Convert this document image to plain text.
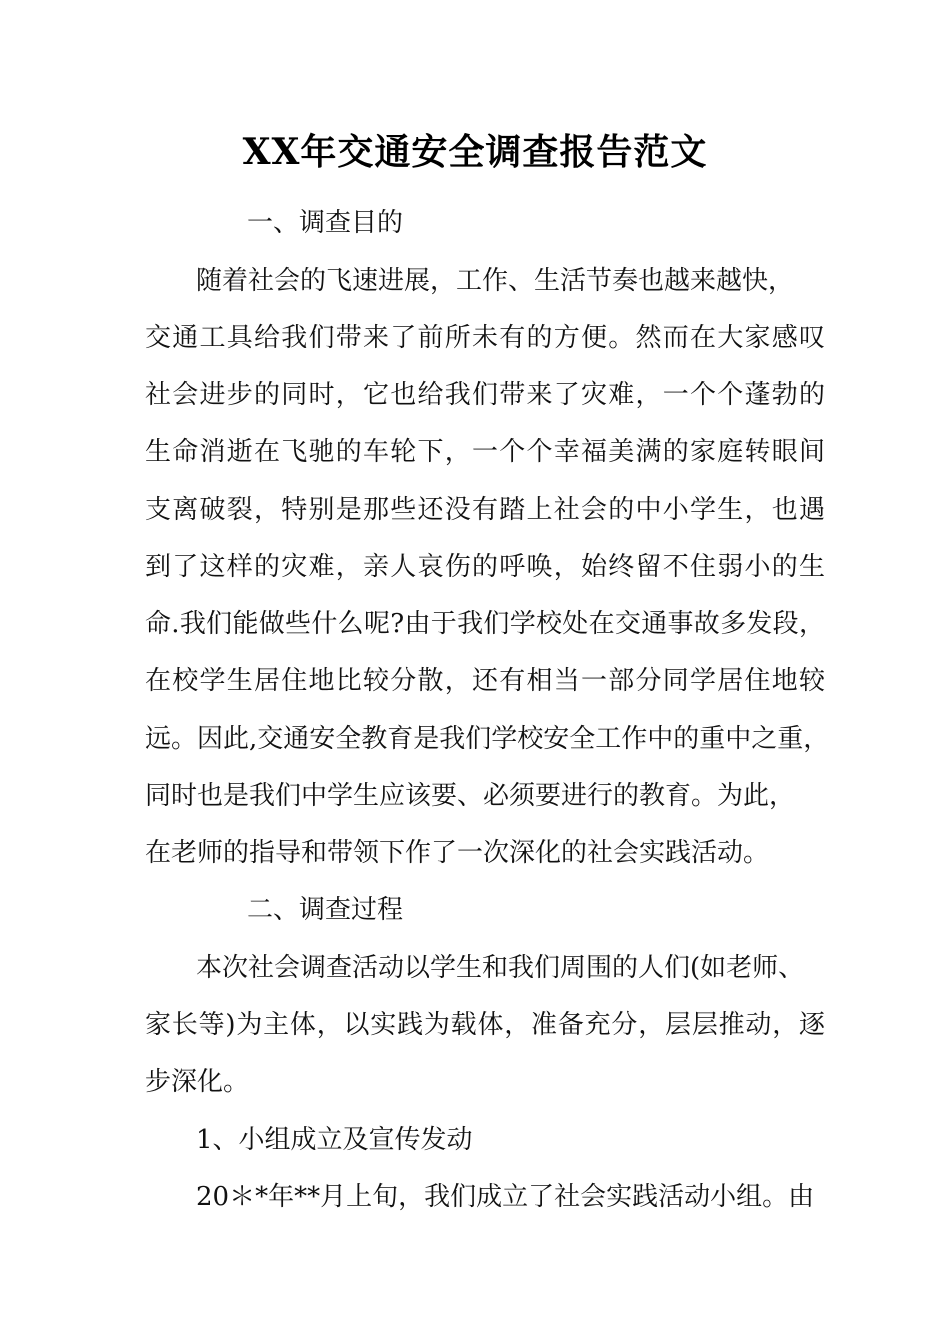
XX年交通安全调查报告范文
一、调查目的
随着社会的飞速进展，工作、生活节奏也越来越快，
交通工具给我们带来了前所未有的方便。然而在大家感叹
社会进步的同时，它也给我们带来了灾难，一个个蓬勃的
生命消逝在飞驰的车轮下，一个个幸福美满的家庭转眼间
支离破裂，特别是那些还没有踏上社会的中小学生，也遇
到了这样的灾难，亲人哀伤的呼唤，始终留不住弱小的生
命.我们能做些什么呢?由于我们学校处在交通事故多发段，
在校学生居住地比较分散，还有相当一部分同学居住地较
远。因此,交通安全教育是我们学校安全工作中的重中之重，
同时也是我们中学生应该要、必须要进行的教育。为此，
在老师的指导和带领下作了一次深化的社会实践活动。
二、调查过程
本次社会调查活动以学生和我们周围的人们(如老师、
家长等)为主体，以实践为载体，准备充分，层层推动，逐
步深化。
1、小组成立及宣传发动
20＊*年**月上旬，我们成立了社会实践活动小组。由
